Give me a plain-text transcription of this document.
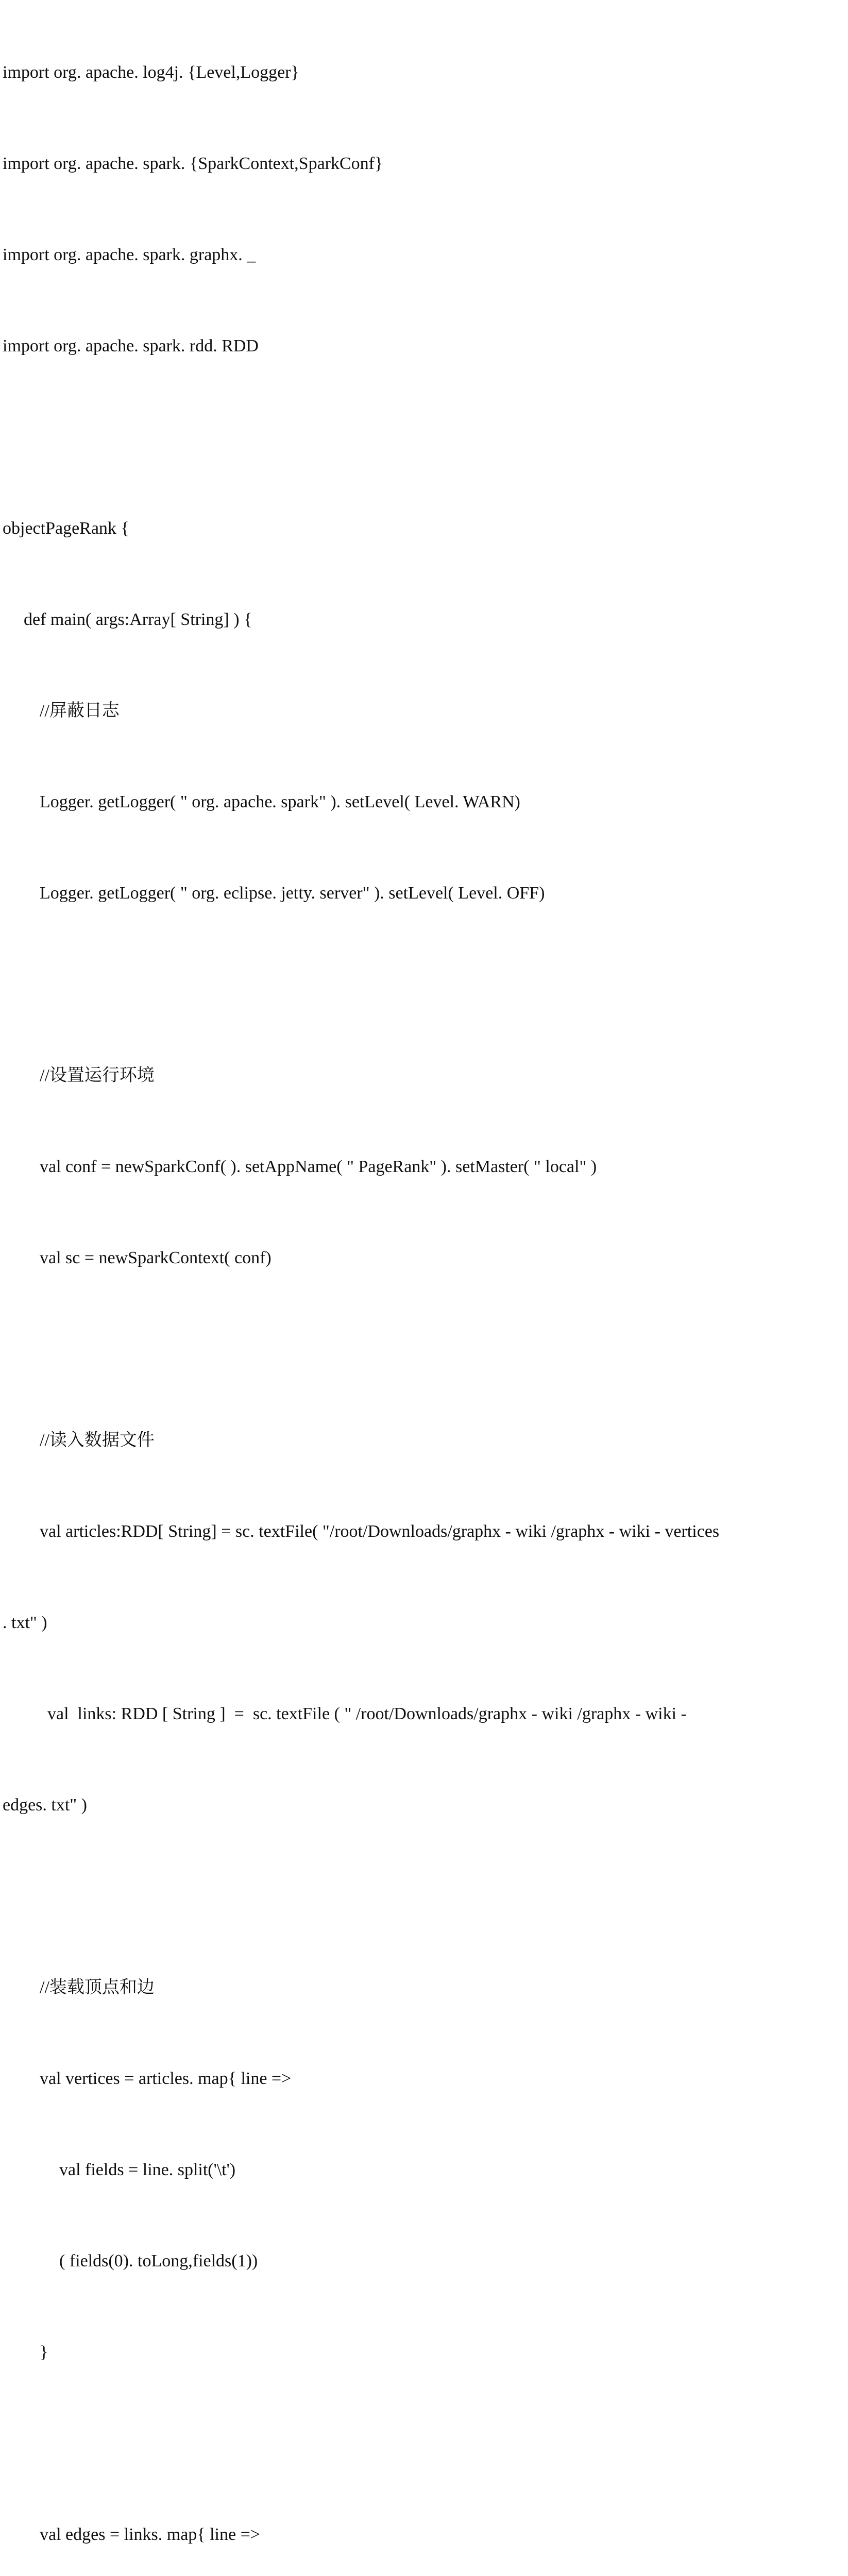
import org. apache. log4j. {Level,Logger}

import org. apache. spark. {SparkContext,SparkConf}

import org. apache. spark. graphx. _

import org. apache. spark. rdd. RDD

objectPageRank {

def main( args:Array[ String] ) {

//屏蔽日志

Logger. getLogger( " org. apache. spark" ). setLevel( Level. WARN)

Logger. getLogger( " org. eclipse. jetty. server" ). setLevel( Level. OFF)

//设置运行环境

val conf = newSparkConf( ). setAppName( " PageRank" ). setMaster( " local" )

val sc = newSparkContext( conf)

//读入数据文件

val articles:RDD[ String] = sc. textFile( "/root/Downloads/graphx - wiki /graphx - wiki - vertices

. txt" )

val  links: RDD [ String ]  =  sc. textFile ( " /root/Downloads/graphx - wiki /graphx - wiki -

edges. txt" )

//装载顶点和边

val vertices = articles. map{ line =>

val fields = line. split('\t')

( fields(0). toLong,fields(1))

}

val edges = links. map{ line =>
